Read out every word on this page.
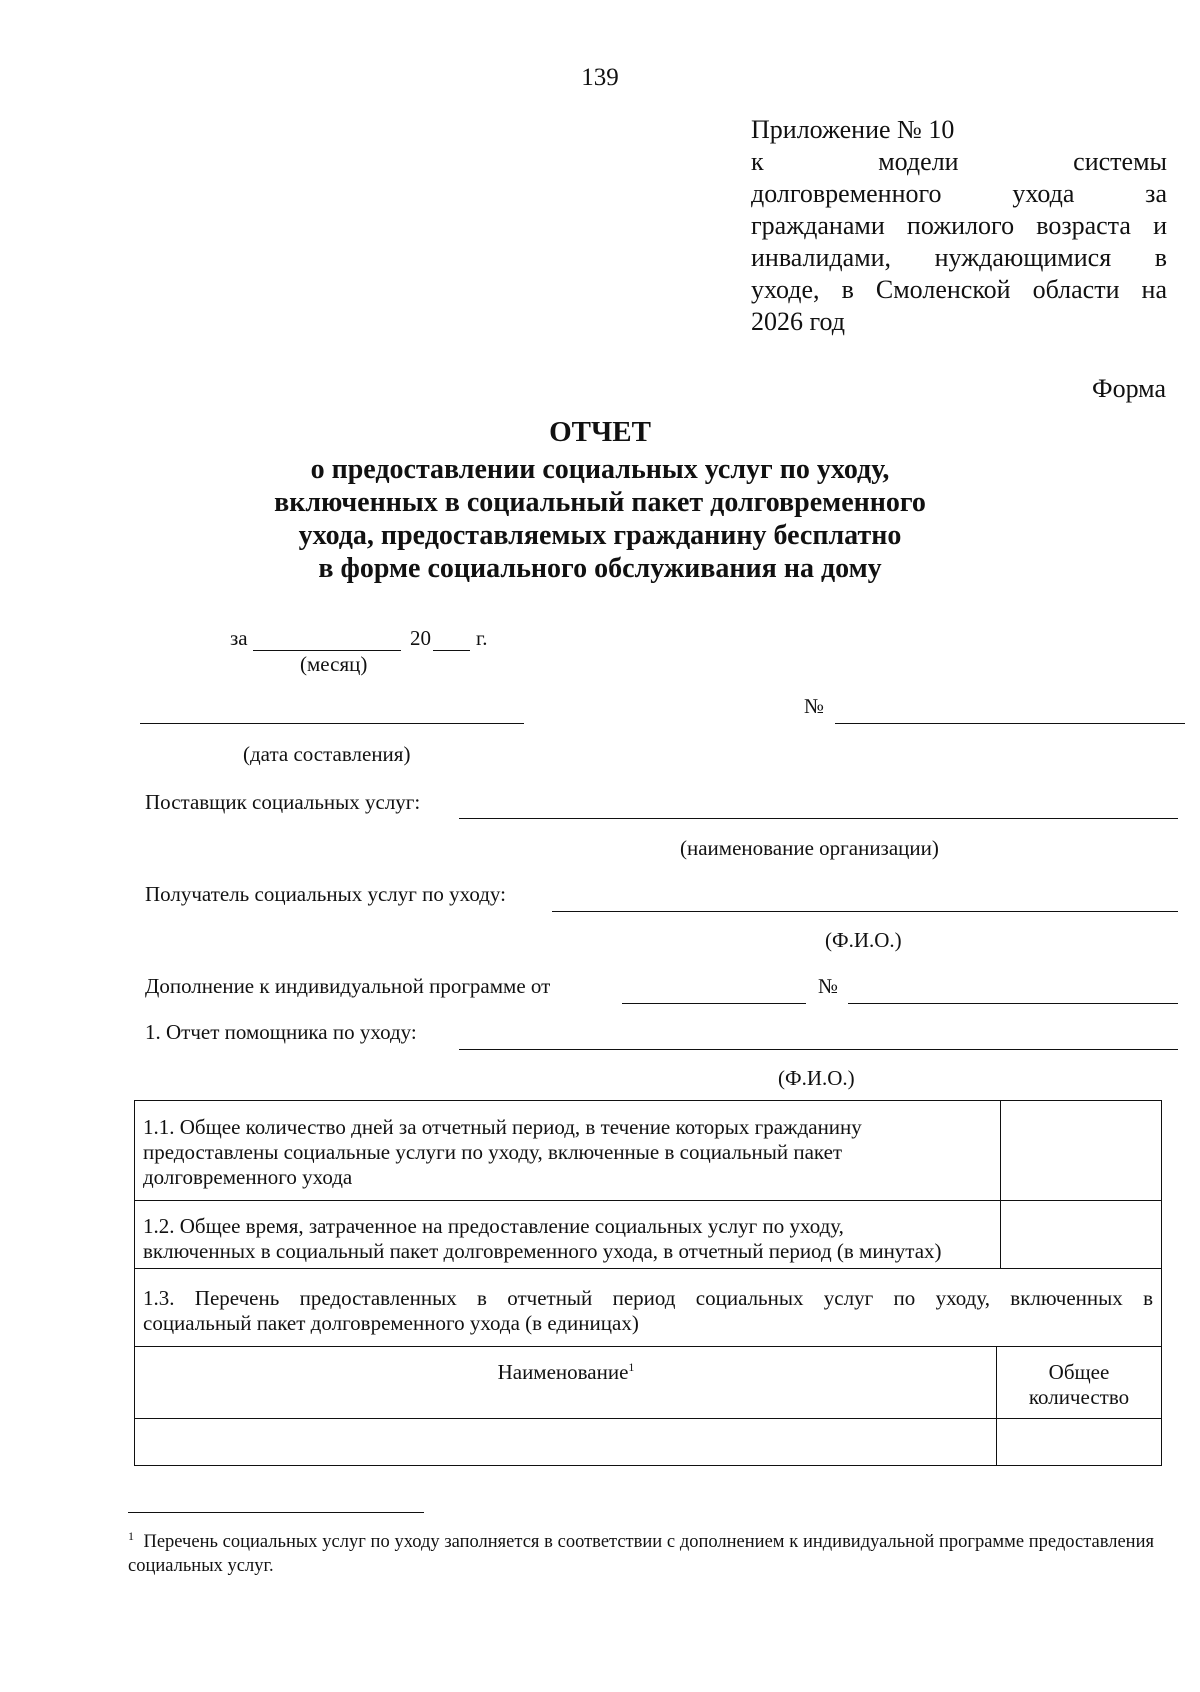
139
Приложение № 10
к модели системы
долговременного ухода за
гражданами пожилого возраста и
инвалидами, нуждающимися в
уходе, в Смоленской области на
2026 год
Форма
ОТЧЕТ
о предоставлении социальных услуг по уходу,
включенных в социальный пакет долговременного
ухода, предоставляемых гражданину бесплатно
в форме социального обслуживания на дому
за	20 г.
(месяц)
№
(дата составления)
Поставщик социальных услуг:
(наименование организации)
Получатель социальных услуг по уходу:
(Ф.И.О.)
Дополнение к индивидуальной программе от	№
1. Отчет помощника по уходу:
(Ф.И.О.)
1.1. Общее количество дней за отчетный период, в течение которых гражданину предоставлены социальные услуги по уходу, включенные в социальный пакет долговременного ухода
1.2. Общее время, затраченное на предоставление социальных услуг по уходу,
включенных в социальный пакет долговременного ухода, в отчетный период (в минутах)
1.3. Перечень предоставленных в отчетный период социальных услуг по уходу, включенных в
социальный пакет долговременного ухода (в единицах)
Наименование$^1$	Общее
количество
$^1$ Перечень социальных услуг по уходу заполняется в соответствии с дополнением к индивидуальной программе предоставления социальных услуг.
